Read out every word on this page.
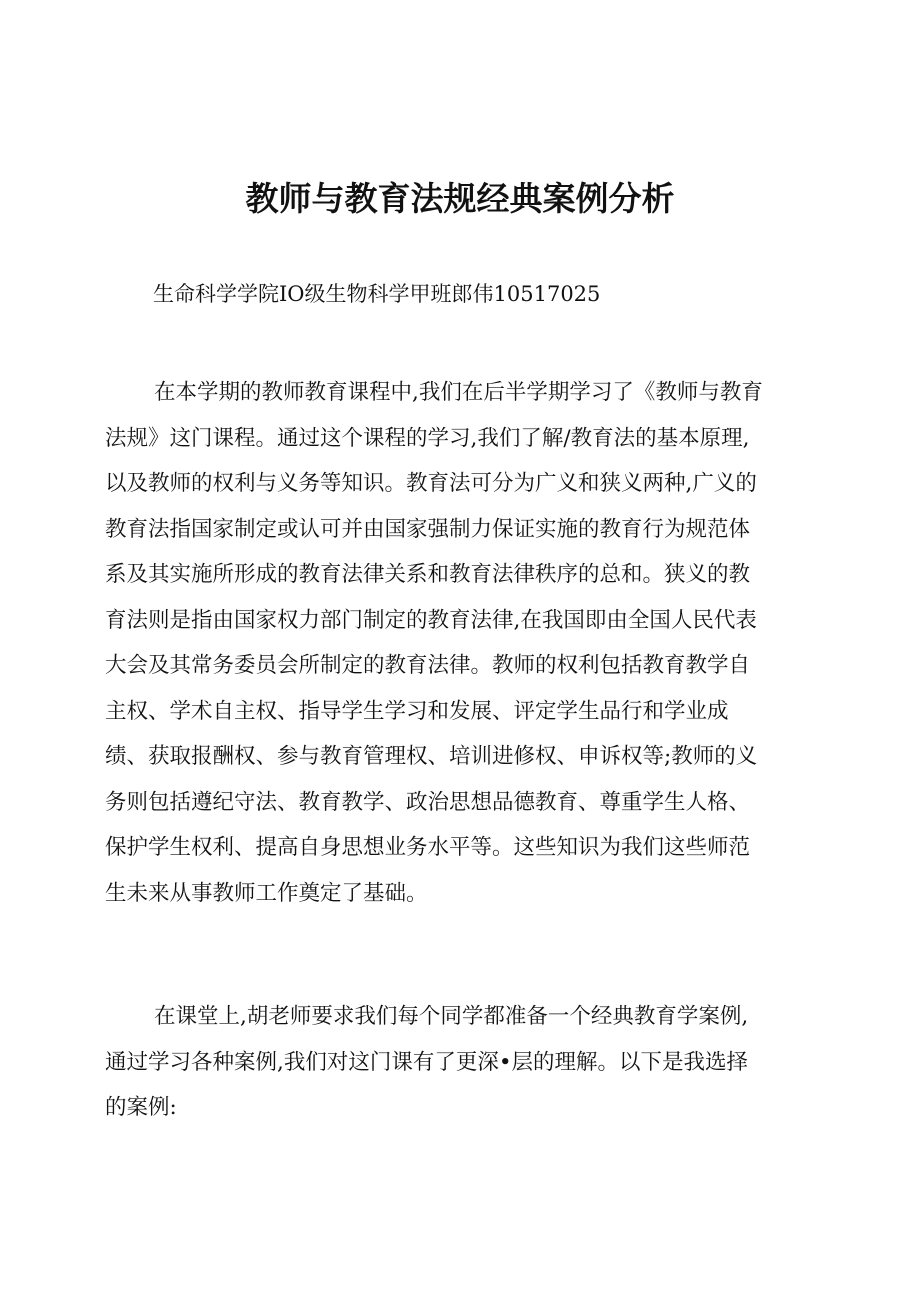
教师与教育法规经典案例分析

生命科学学院IO级生物科学甲班郎伟10517025

在本学期的教师教育课程中,我们在后半学期学习了《教师与教育
法规》这门课程。通过这个课程的学习,我们了解/教育法的基本原理,
以及教师的权利与义务等知识。教育法可分为广义和狭义两种,广义的
教育法指国家制定或认可并由国家强制力保证实施的教育行为规范体
系及其实施所形成的教育法律关系和教育法律秩序的总和。狭义的教
育法则是指由国家权力部门制定的教育法律,在我国即由全国人民代表
大会及其常务委员会所制定的教育法律。教师的权利包括教育教学自
主权、学术自主权、指导学生学习和发展、评定学生品行和学业成
绩、获取报酬权、参与教育管理权、培训进修权、申诉权等;教师的义
务则包括遵纪守法、教育教学、政治思想品德教育、尊重学生人格、
保护学生权利、提高自身思想业务水平等。这些知识为我们这些师范
生未来从事教师工作奠定了基础。
在课堂上,胡老师要求我们每个同学都准备一个经典教育学案例,
通过学习各种案例,我们对这门课有了更深•层的理解。以下是我选择
的案例:
